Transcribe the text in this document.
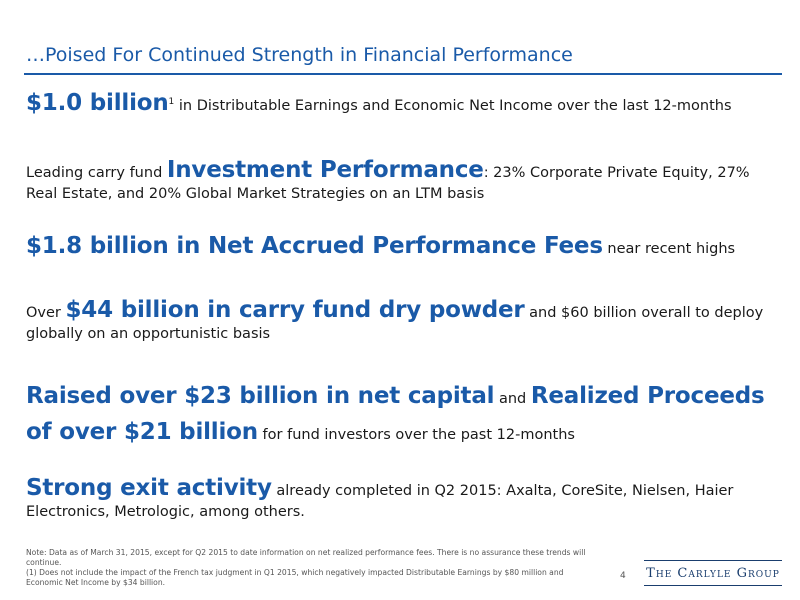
…Poised For Continued Strength in Financial Performance
$1.0 billion$^1$ in Distributable Earnings and Economic Net Income over the last 12-months
Leading carry fund Investment Performance: 23% Corporate Private Equity, 27% Real Estate, and 20% Global Market Strategies on an LTM basis
$1.8 billion in Net Accrued Performance Fees near recent highs
Over $44 billion in carry fund dry powder and $60 billion overall to deploy globally on an opportunistic basis
Raised over $23 billion in net capital and Realized Proceeds of over $21 billion for fund investors over the past 12-months
Strong exit activity already completed in Q2 2015: Axalta, CoreSite, Nielsen, Haier Electronics, Metrologic, among others.
Note: Data as of March 31, 2015, except for Q2 2015 to date information on net realized performance fees. There is no assurance these trends will continue.
(1) Does not include the impact of the French tax judgment in Q1 2015, which negatively impacted Distributable Earnings by $80 million and Economic Net Income by $34 billion.
4 The Carlyle Group
